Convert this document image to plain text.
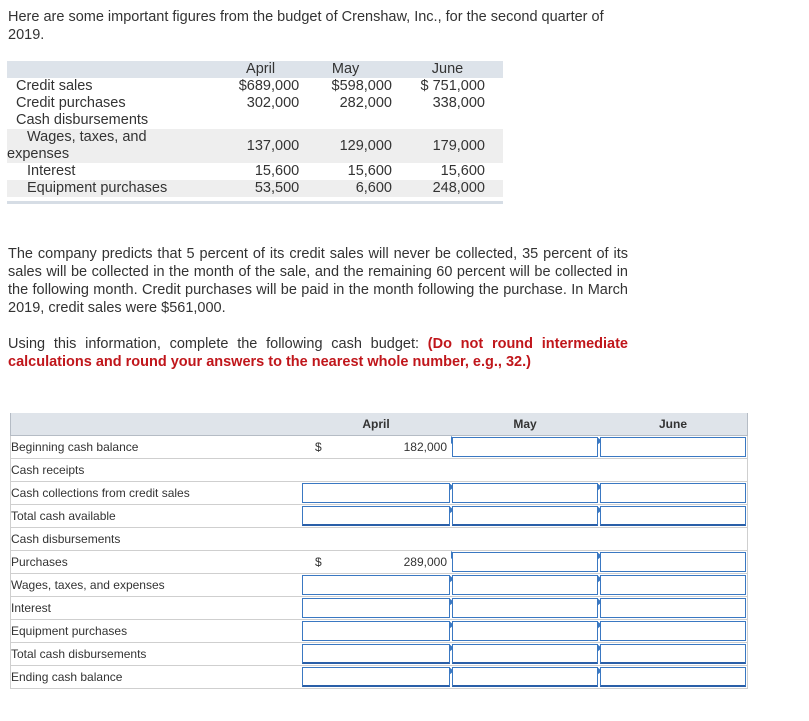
Here are some important figures from the budget of Crenshaw, Inc., for the second quarter of 2019.
	April	May	June
Credit sales	$689,000	$598,000	$ 751,000
Credit purchases	302,000	282,000	338,000
Cash disbursements			

Wages, taxes, and
expenses	137,000	129,000	179,000
Interest	15,600	15,600	15,600
Equipment purchases	53,500	6,600	248,000
The company predicts that 5 percent of its credit sales will never be collected, 35 percent of its sales will be collected in the month of the sale, and the remaining 60 percent will be collected in the following month. Credit purchases will be paid in the month following the purchase. In March 2019, credit sales were $561,000.
Using this information, complete the following cash budget: (Do not round intermediate calculations and round your answers to the nearest whole number, e.g., 32.)
	April	May	June
Beginning cash balance	$ 182,000		

Cash receipts			
Cash collections from credit sales	

Total cash available	

Cash disbursements			
Purchases	$ 289,000		

Wages, taxes, and expenses	

Interest	

Equipment purchases	

Total cash disbursements	

Ending cash balance	
